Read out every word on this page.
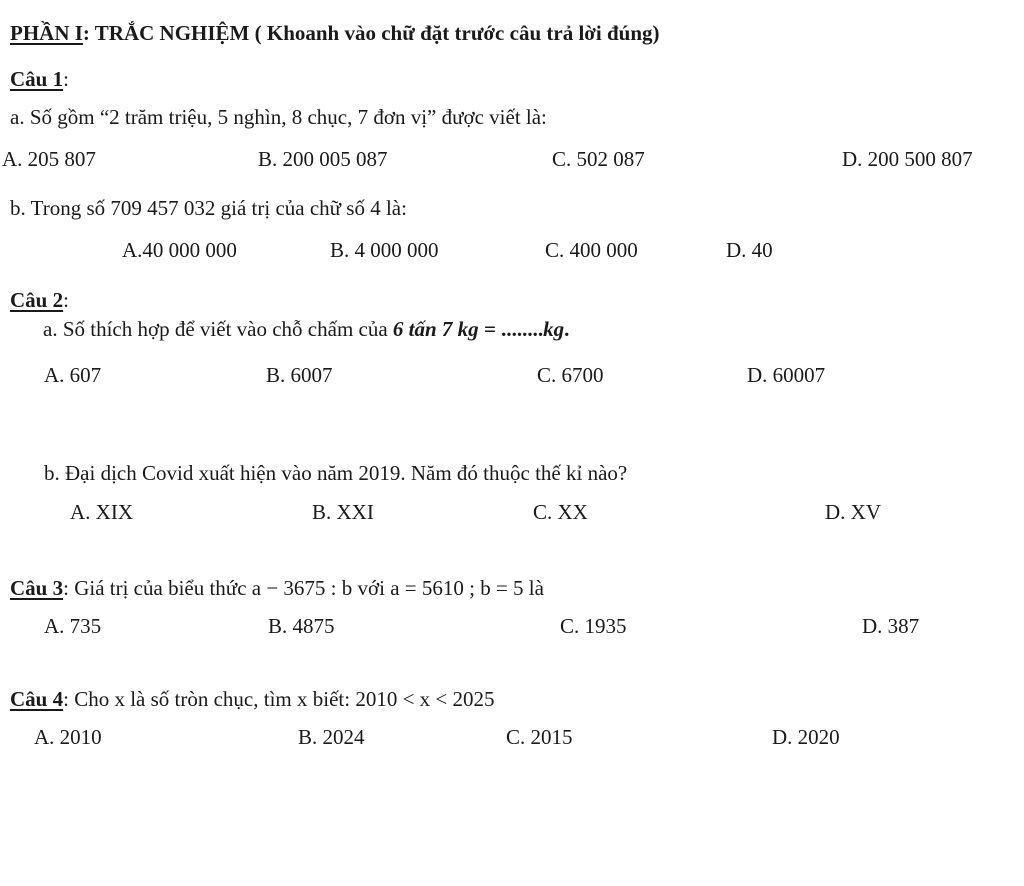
PHẦN I: TRẮC NGHIỆM ( Khoanh vào chữ đặt trước câu trả lời đúng)
Câu 1:
a. Số gồm “2 trăm triệu, 5 nghìn, 8 chục, 7 đơn vị” được viết là:
A. 205 807	B. 200 005 087	C. 502 087	D. 200 500 807
b. Trong số 709 457 032 giá trị của chữ số 4 là:
A.40 000 000	B. 4 000 000	C. 400 000	D. 40
Câu 2:
a. Số thích hợp để viết vào chỗ chấm của 6 tấn 7 kg = ........kg.
A. 607	B. 6007	C. 6700	D. 60007
b. Đại dịch Covid xuất hiện vào năm 2019. Năm đó thuộc thế kỉ nào?
A. XIX	B. XXI	C. XX	D. XV
Câu 3: Giá trị của biểu thức a − 3675 : b với a = 5610 ; b = 5 là
A. 735	B. 4875	C. 1935	D. 387
Câu 4: Cho x là số tròn chục, tìm x biết: 2010 < x < 2025
A. 2010	B. 2024	C. 2015	D. 2020
